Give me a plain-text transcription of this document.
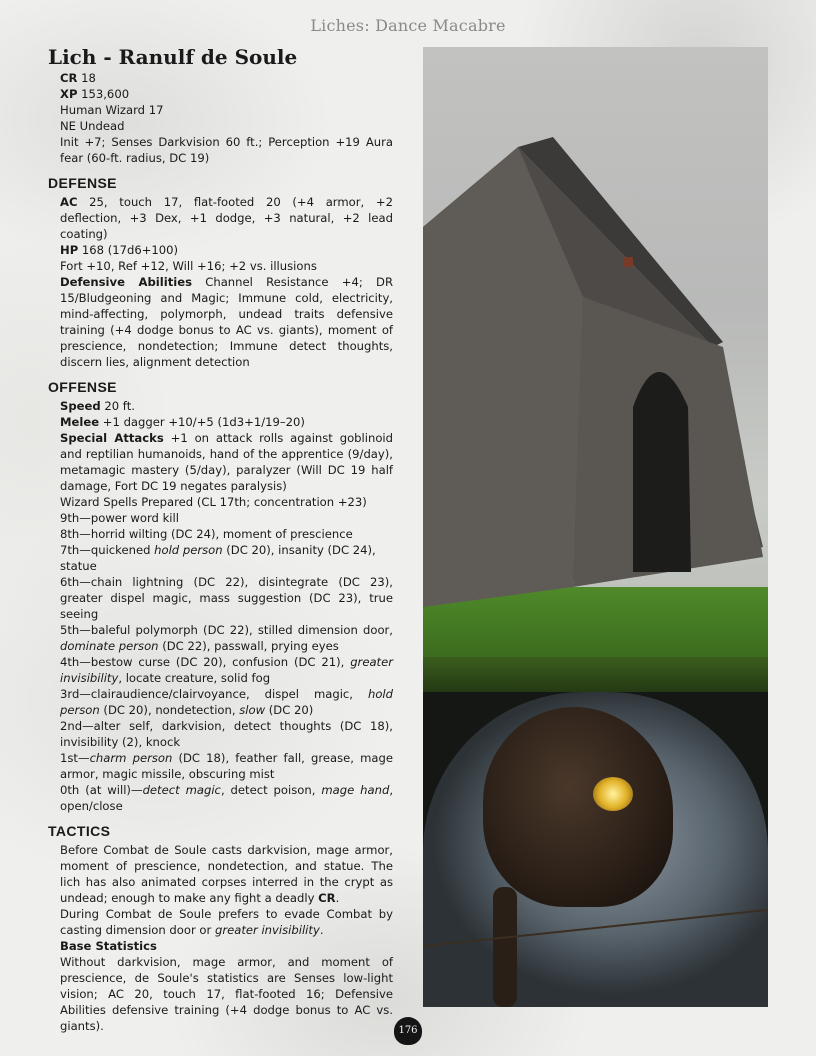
Liches: Dance Macabre
Lich - Ranulf de Soule
CR 18
XP 153,600
Human Wizard 17
NE Undead
Init +7; Senses Darkvision 60 ft.; Perception +19 Aura fear (60-ft. radius, DC 19)
DEFENSE
AC 25, touch 17, flat-footed 20 (+4 armor, +2 deflection, +3 Dex, +1 dodge, +3 natural, +2 lead coating)
HP 168 (17d6+100)
Fort +10, Ref +12, Will +16; +2 vs. illusions
Defensive Abilities Channel Resistance +4; DR 15/Bludgeoning and Magic; Immune cold, electricity, mind-affecting, polymorph, undead traits defensive training (+4 dodge bonus to AC vs. giants), moment of prescience, nondetection; Immune detect thoughts, discern lies, alignment detection
OFFENSE
Speed 20 ft.
Melee +1 dagger +10/+5 (1d3+1/19–20)
Special Attacks +1 on attack rolls against goblinoid and reptilian humanoids, hand of the apprentice (9/day), metamagic mastery (5/day), paralyzer (Will DC 19 half damage, Fort DC 19 negates paralysis)
Wizard Spells Prepared (CL 17th; concentration +23)
9th—power word kill
8th—horrid wilting (DC 24), moment of prescience
7th—quickened hold person (DC 20), insanity (DC 24), statue
6th—chain lightning (DC 22), disintegrate (DC 23), greater dispel magic, mass suggestion (DC 23), true seeing
5th—baleful polymorph (DC 22), stilled dimension door, dominate person (DC 22), passwall, prying eyes
4th—bestow curse (DC 20), confusion (DC 21), greater invisibility, locate creature, solid fog
3rd—clairaudience/clairvoyance, dispel magic, hold person (DC 20), nondetection, slow (DC 20)
2nd—alter self, darkvision, detect thoughts (DC 18), invisibility (2), knock
1st—charm person (DC 18), feather fall, grease, mage armor, magic missile, obscuring mist
0th (at will)—detect magic, detect poison, mage hand, open/close
TACTICS
Before Combat de Soule casts darkvision, mage armor, moment of prescience, nondetection, and statue. The lich has also animated corpses interred in the crypt as undead; enough to make any fight a deadly CR.
During Combat de Soule prefers to evade Combat by casting dimension door or greater invisibility.
Base Statistics
Without darkvision, mage armor, and moment of prescience, de Soule's statistics are Senses low-light vision; AC 20, touch 17, flat-footed 16; Defensive Abilities defensive training (+4 dodge bonus to AC vs. giants).	176
